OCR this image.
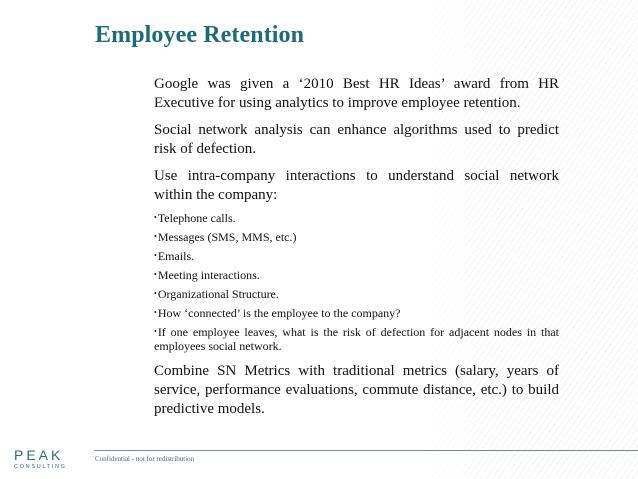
Employee Retention

Google was given a ‘2010 Best HR Ideas’ award from HR Executive for using analytics to improve employee retention.

Social network analysis can enhance algorithms used to predict risk of defection.

Use intra-company interactions to understand social network within the company:

•Telephone calls.
•Messages (SMS, MMS, etc.)
•Emails.
•Meeting interactions.
•Organizational Structure.
•How ‘connected’ is the employee to the company?
•If one employee leaves, what is the risk of defection for adjacent nodes in that employees social network.

Combine SN Metrics with traditional metrics (salary, years of service, performance evaluations, commute distance, etc.) to build predictive models.

Confidential - not for redistribution
PEAK
CONSULTING
